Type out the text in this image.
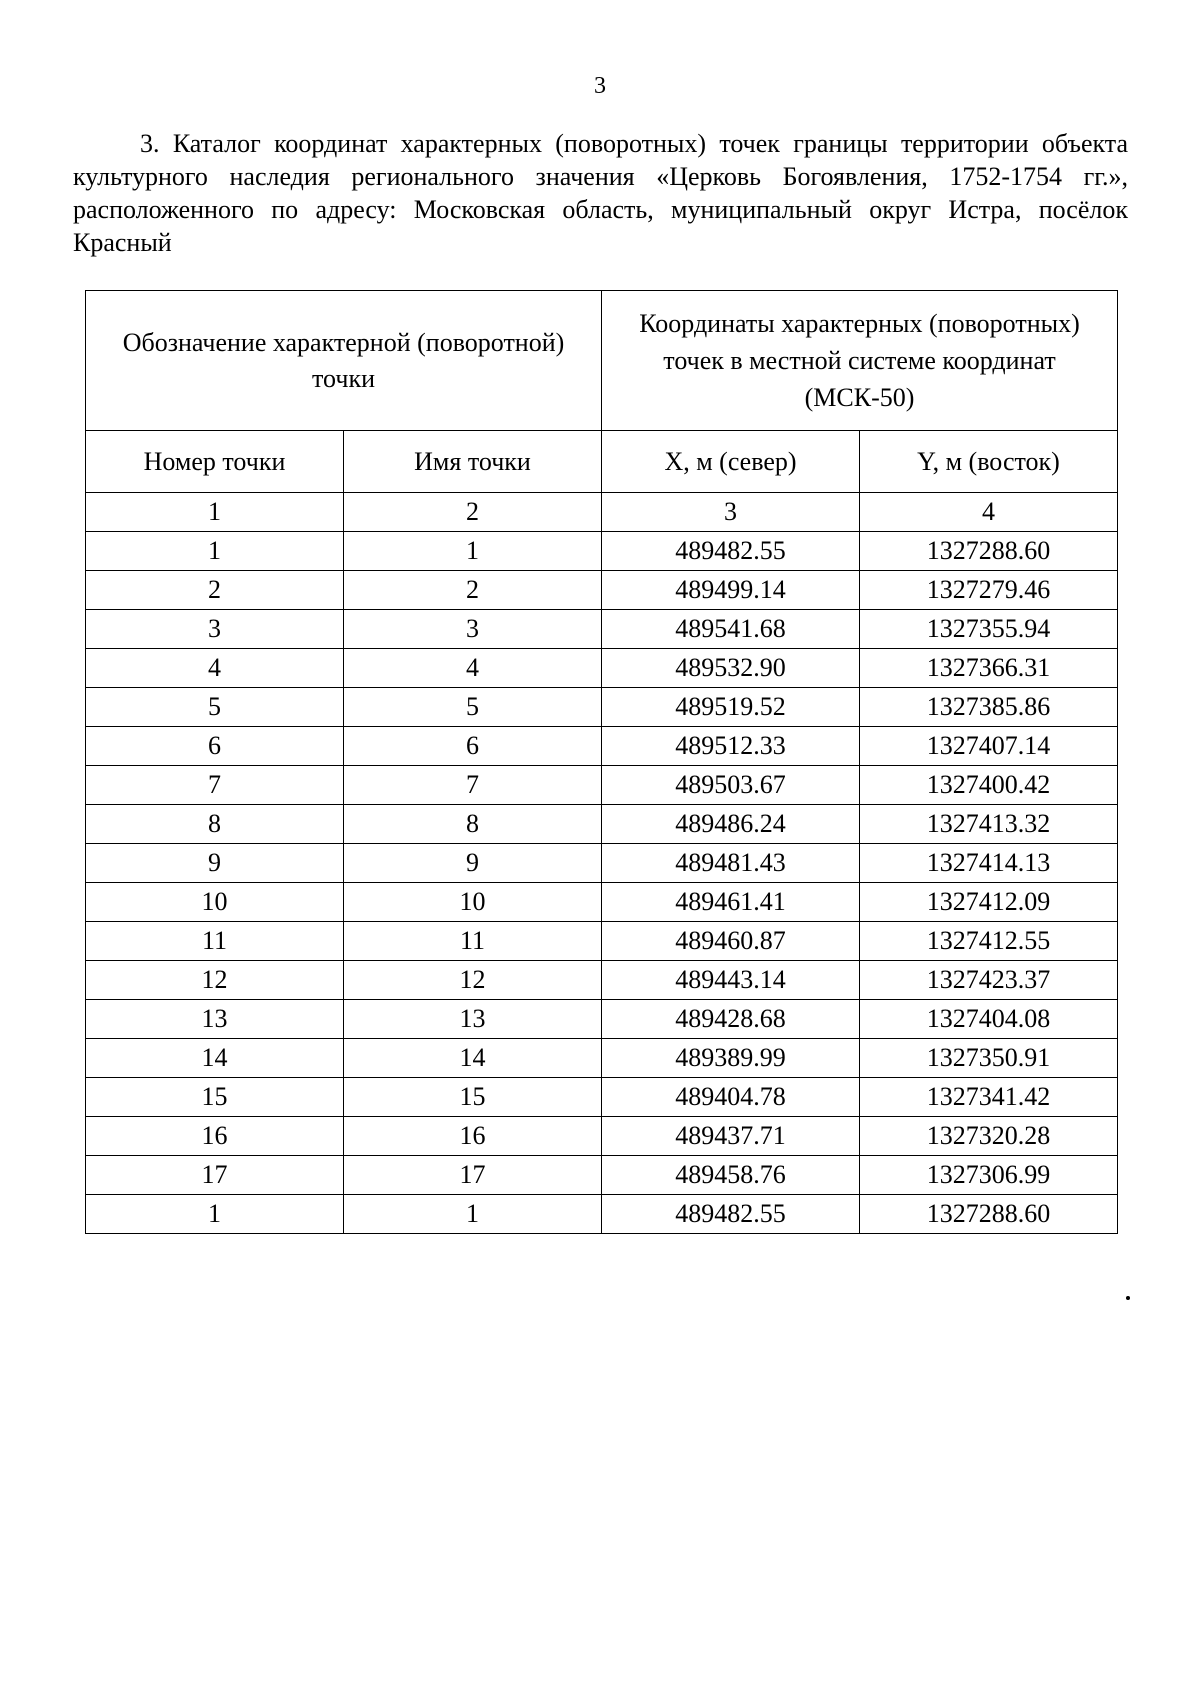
3
3. Каталог координат характерных (поворотных) точек границы территории объекта культурного наследия регионального значения «Церковь Богоявления, 1752-1754 гг.», расположенного по адресу: Московская область, муниципальный округ Истра, посёлок Красный
Обозначение характерной (поворотной) точки		Координаты характерных (поворотных) точек в местной системе координат (МСК-50)	
Номер точки	Имя точки	X, м (север)	Y, м (восток)
1	2	3	4
1	1	489482.55	1327288.60
2	2	489499.14	1327279.46
3	3	489541.68	1327355.94
4	4	489532.90	1327366.31
5	5	489519.52	1327385.86
6	6	489512.33	1327407.14
7	7	489503.67	1327400.42
8	8	489486.24	1327413.32
9	9	489481.43	1327414.13
10	10	489461.41	1327412.09
11	11	489460.87	1327412.55
12	12	489443.14	1327423.37
13	13	489428.68	1327404.08
14	14	489389.99	1327350.91
15	15	489404.78	1327341.42
16	16	489437.71	1327320.28
17	17	489458.76	1327306.99
1	1	489482.55	1327288.60
